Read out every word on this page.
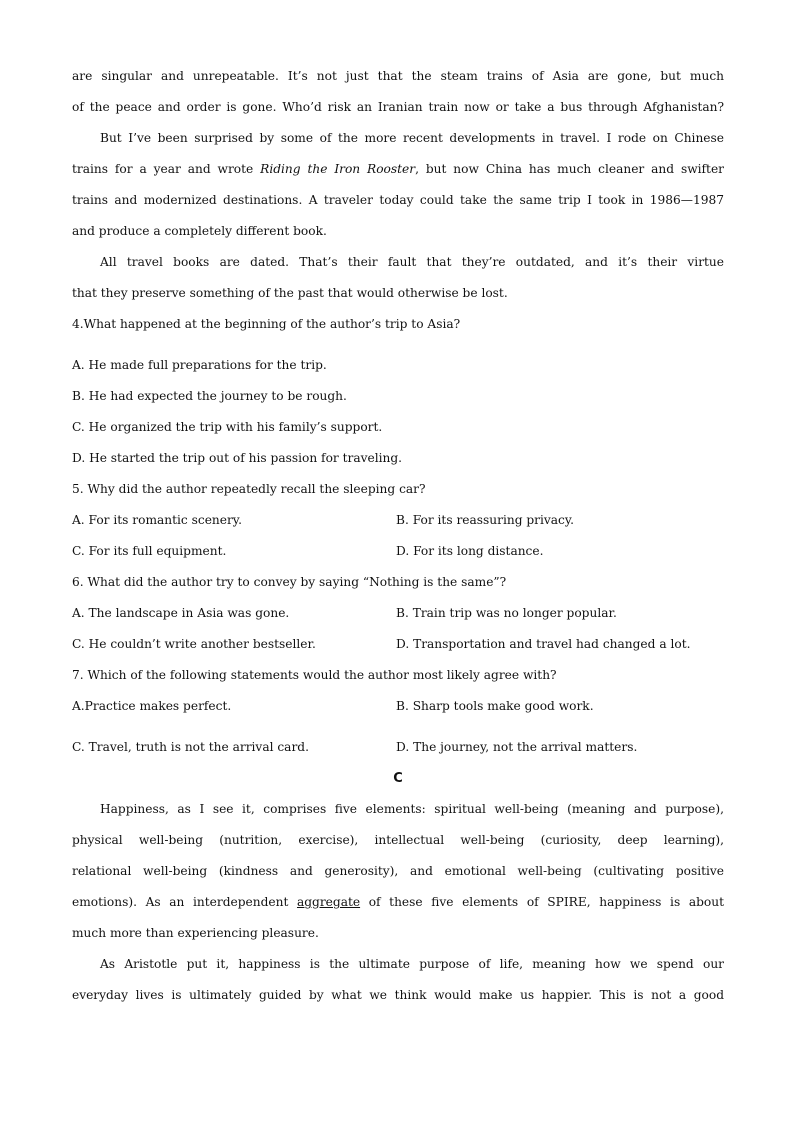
are singular and unrepeatable. It’s not just that the steam trains of Asia are gone, but much
of the peace and order is gone. Who’d risk an Iranian train now or take a bus through Afghanistan?
But I’ve been surprised by some of the more recent developments in travel. I rode on Chinese
trains for a year and wrote Riding the Iron Rooster, but now China has much cleaner and swifter
trains and modernized destinations. A traveler today could take the same trip I took in 1986—1987
and produce a completely different book.
All travel books are dated. That’s their fault that they’re outdated, and it’s their virtue
that they preserve something of the past that would otherwise be lost.
4.What happened at the beginning of the author’s trip to Asia?
A. He made full preparations for the trip.
B. He had expected the journey to be rough.
C. He organized the trip with his family’s support.
D. He started the trip out of his passion for traveling.
5. Why did the author repeatedly recall the sleeping car?
A. For its romantic scenery.	B. For its reassuring privacy.
C. For its full equipment.	D. For its long distance.
6. What did the author try to convey by saying “Nothing is the same”?
A. The landscape in Asia was gone.	B. Train trip was no longer popular.
C. He couldn’t write another bestseller.	D. Transportation and travel had changed a lot.
7. Which of the following statements would the author most likely agree with?
A.Practice makes perfect.	B. Sharp tools make good work.
C. Travel, truth is not the arrival card.	D. The journey, not the arrival matters.
C
Happiness, as I see it, comprises five elements: spiritual well-being (meaning and purpose),
physical well-being (nutrition, exercise), intellectual well-being (curiosity, deep learning),
relational well-being (kindness and generosity), and emotional well-being (cultivating positive
emotions). As an interdependent aggregate of these five elements of SPIRE, happiness is about
much more than experiencing pleasure.
As Aristotle put it, happiness is the ultimate purpose of life, meaning how we spend our
everyday lives is ultimately guided by what we think would make us happier. This is not a good
